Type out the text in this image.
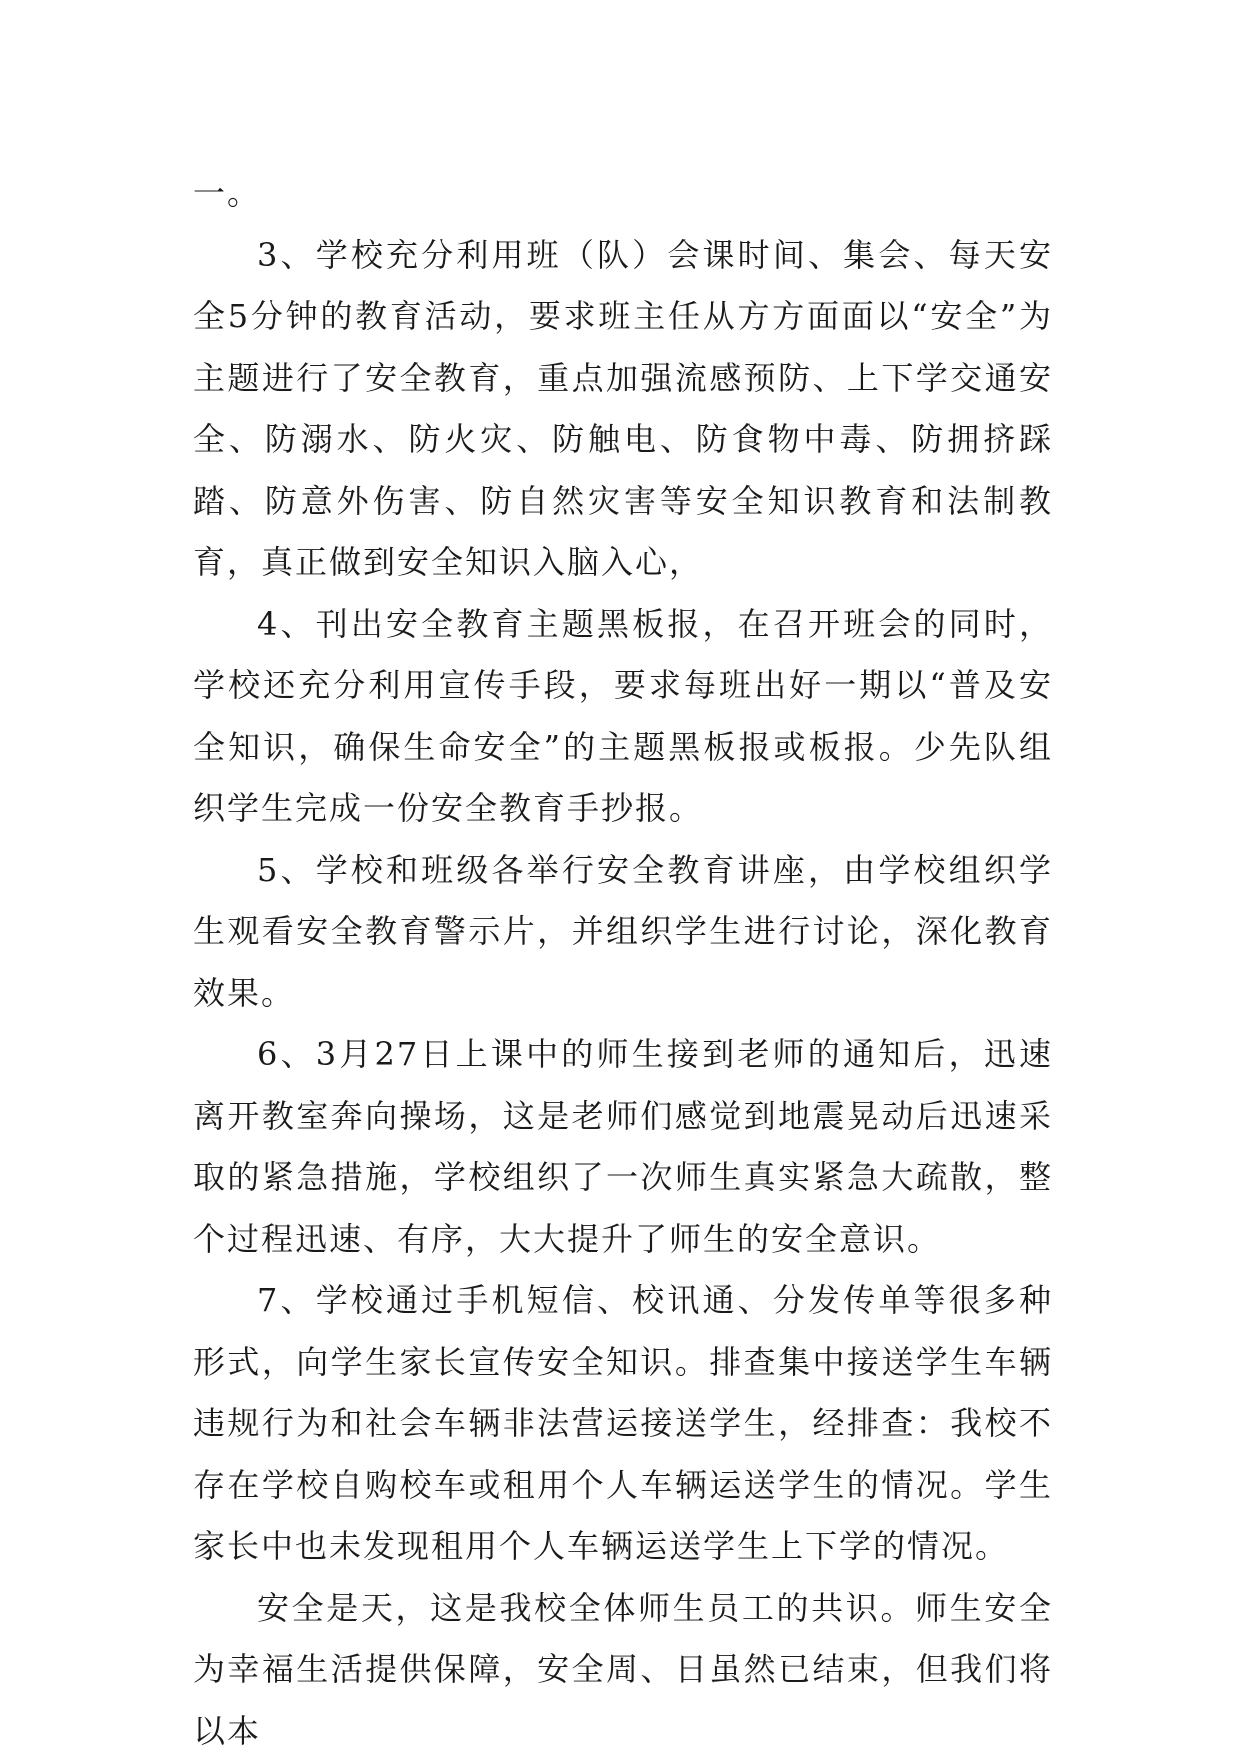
一。

3、学校充分利用班（队）会课时间、集会、每天安全5分钟的教育活动，要求班主任从方方面面以“安全”为主题进行了安全教育，重点加强流感预防、上下学交通安全、防溺水、防火灾、防触电、防食物中毒、防拥挤踩踏、防意外伤害、防自然灾害等安全知识教育和法制教育，真正做到安全知识入脑入心，

4、刊出安全教育主题黑板报，在召开班会的同时，学校还充分利用宣传手段，要求每班出好一期以“普及安全知识，确保生命安全”的主题黑板报或板报。少先队组织学生完成一份安全教育手抄报。

5、学校和班级各举行安全教育讲座，由学校组织学生观看安全教育警示片，并组织学生进行讨论，深化教育效果。

6、3月27日上课中的师生接到老师的通知后，迅速离开教室奔向操场，这是老师们感觉到地震晃动后迅速采取的紧急措施，学校组织了一次师生真实紧急大疏散，整个过程迅速、有序，大大提升了师生的安全意识。

7、学校通过手机短信、校讯通、分发传单等很多种形式，向学生家长宣传安全知识。排查集中接送学生车辆违规行为和社会车辆非法营运接送学生，经排查：我校不存在学校自购校车或租用个人车辆运送学生的情况。学生家长中也未发现租用个人车辆运送学生上下学的情况。

安全是天，这是我校全体师生员工的共识。师生安全为幸福生活提供保障，安全周、日虽然已结束，但我们将以本
